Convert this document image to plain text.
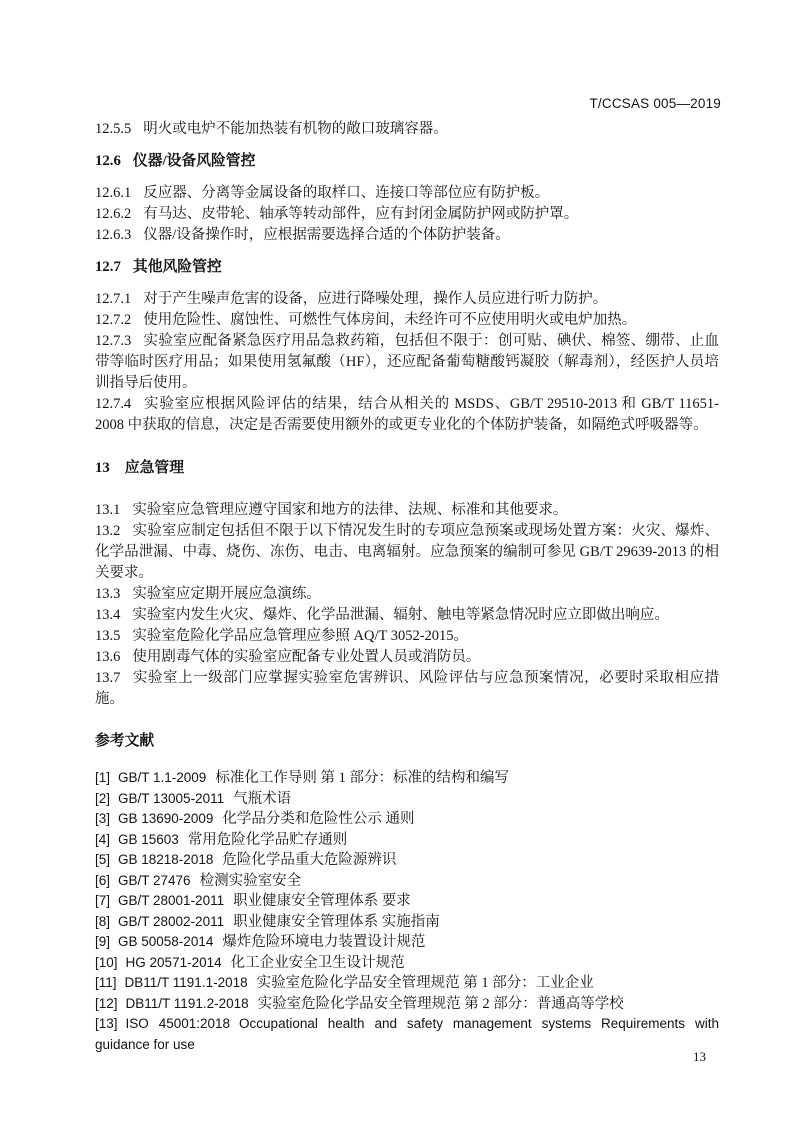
T/CCSAS 005—2019
12.5.5 明火或电炉不能加热装有机物的敞口玻璃容器。
12.6 仪器/设备风险管控
12.6.1 反应器、分离等金属设备的取样口、连接口等部位应有防护板。
12.6.2 有马达、皮带轮、轴承等转动部件，应有封闭金属防护网或防护罩。
12.6.3 仪器/设备操作时，应根据需要选择合适的个体防护装备。
12.7 其他风险管控
12.7.1 对于产生噪声危害的设备，应进行降噪处理，操作人员应进行听力防护。
12.7.2 使用危险性、腐蚀性、可燃性气体房间，未经许可不应使用明火或电炉加热。
12.7.3 实验室应配备紧急医疗用品急救药箱，包括但不限于：创可贴、碘伏、棉签、绷带、止血带等临时医疗用品；如果使用氢氟酸（HF），还应配备葡萄糖酸钙凝胶（解毒剂），经医护人员培训指导后使用。
12.7.4 实验室应根据风险评估的结果，结合从相关的 MSDS、GB/T 29510-2013 和 GB/T 11651-2008 中获取的信息，决定是否需要使用额外的或更专业化的个体防护装备，如隔绝式呼吸器等。
13 应急管理
13.1 实验室应急管理应遵守国家和地方的法律、法规、标准和其他要求。
13.2 实验室应制定包括但不限于以下情况发生时的专项应急预案或现场处置方案：火灾、爆炸、化学品泄漏、中毒、烧伤、冻伤、电击、电离辐射。应急预案的编制可参见 GB/T 29639-2013 的相关要求。
13.3 实验室应定期开展应急演练。
13.4 实验室内发生火灾、爆炸、化学品泄漏、辐射、触电等紧急情况时应立即做出响应。
13.5 实验室危险化学品应急管理应参照 AQ/T 3052-2015。
13.6 使用剧毒气体的实验室应配备专业处置人员或消防员。
13.7 实验室上一级部门应掌握实验室危害辨识、风险评估与应急预案情况，必要时采取相应措施。
参考文献
[1] GB/T 1.1-2009 标准化工作导则 第 1 部分：标准的结构和编写
[2] GB/T 13005-2011 气瓶术语
[3] GB 13690-2009 化学品分类和危险性公示 通则
[4] GB 15603 常用危险化学品贮存通则
[5] GB 18218-2018 危险化学品重大危险源辨识
[6] GB/T 27476 检测实验室安全
[7] GB/T 28001-2011 职业健康安全管理体系 要求
[8] GB/T 28002-2011 职业健康安全管理体系 实施指南
[9] GB 50058-2014 爆炸危险环境电力装置设计规范
[10] HG 20571-2014 化工企业安全卫生设计规范
[11] DB11/T 1191.1-2018 实验室危险化学品安全管理规范 第 1 部分：工业企业
[12] DB11/T 1191.2-2018 实验室危险化学品安全管理规范 第 2 部分：普通高等学校
[13] ISO 45001:2018 Occupational health and safety management systems Requirements with guidance for use
13
